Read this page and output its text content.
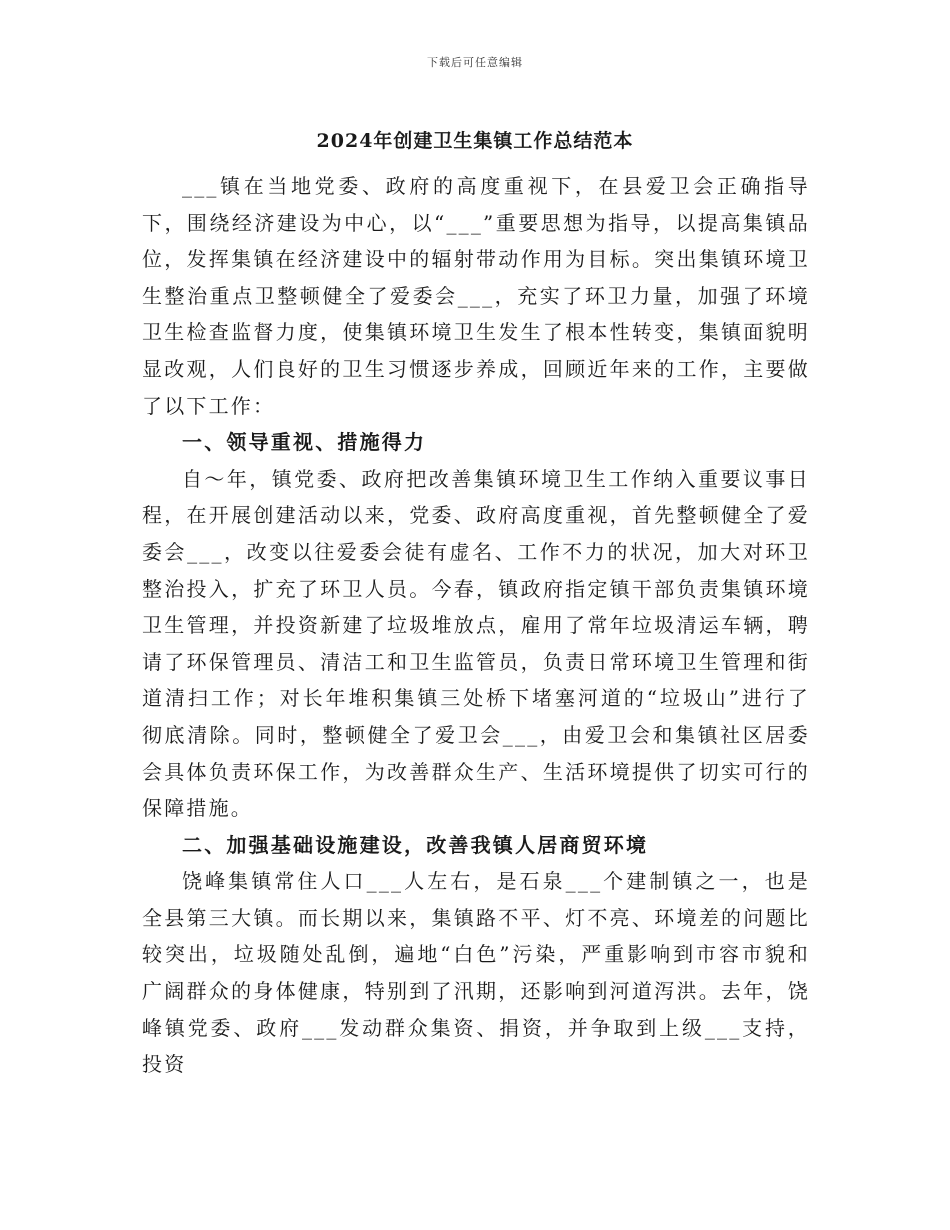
下载后可任意编辑
2024年创建卫生集镇工作总结范本

___镇在当地党委、政府的高度重视下，在县爱卫会正确指导下，围绕经济建设为中心，以“___”重要思想为指导，以提高集镇品位，发挥集镇在经济建设中的辐射带动作用为目标。突出集镇环境卫生整治重点卫整顿健全了爱委会___，充实了环卫力量，加强了环境卫生检查监督力度，使集镇环境卫生发生了根本性转变，集镇面貌明显改观，人们良好的卫生习惯逐步养成，回顾近年来的工作，主要做了以下工作：

一、领导重视、措施得力

自～年，镇党委、政府把改善集镇环境卫生工作纳入重要议事日程，在开展创建活动以来，党委、政府高度重视，首先整顿健全了爱委会___，改变以往爱委会徒有虚名、工作不力的状况，加大对环卫整治投入，扩充了环卫人员。今春，镇政府指定镇干部负责集镇环境卫生管理，并投资新建了垃圾堆放点，雇用了常年垃圾清运车辆，聘请了环保管理员、清洁工和卫生监管员，负责日常环境卫生管理和街道清扫工作；对长年堆积集镇三处桥下堵塞河道的“垃圾山”进行了彻底清除。同时，整顿健全了爱卫会___，由爱卫会和集镇社区居委会具体负责环保工作，为改善群众生产、生活环境提供了切实可行的保障措施。

二、加强基础设施建设，改善我镇人居商贸环境

饶峰集镇常住人口___人左右，是石泉___个建制镇之一，也是全县第三大镇。而长期以来，集镇路不平、灯不亮、环境差的问题比较突出，垃圾随处乱倒，遍地“白色”污染，严重影响到市容市貌和广阔群众的身体健康，特别到了汛期，还影响到河道泻洪。去年，饶峰镇党委、政府___发动群众集资、捐资，并争取到上级___支持，投资
